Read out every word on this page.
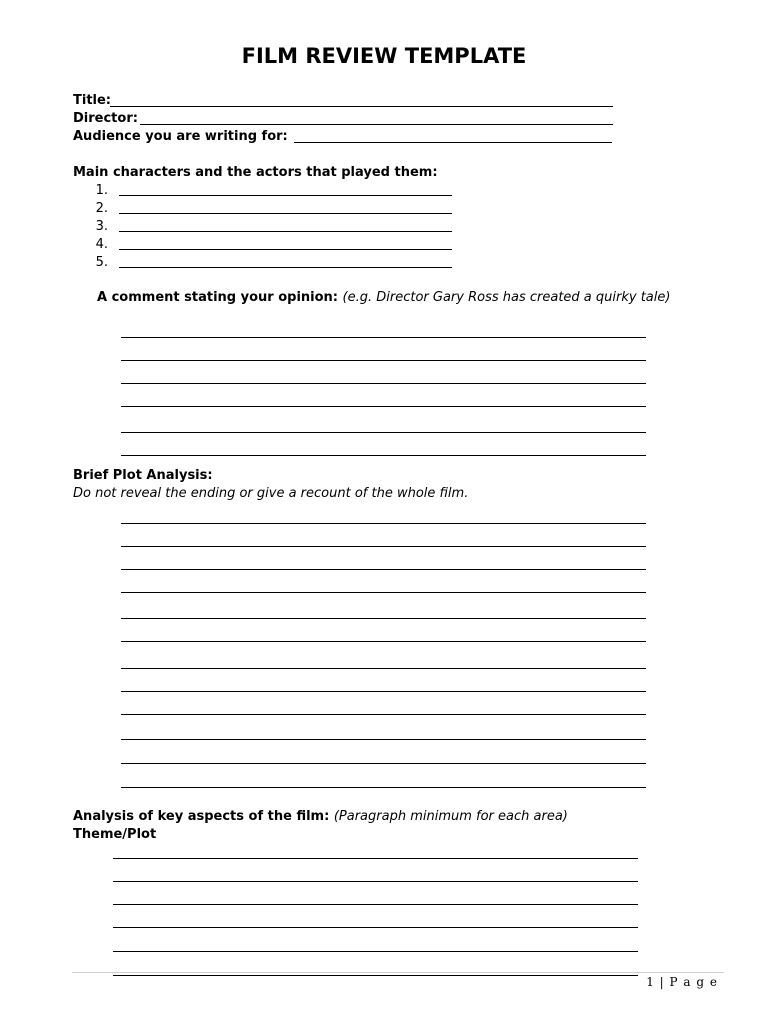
FILM REVIEW TEMPLATE
Title:
Director:
Audience you are writing for:
Main characters and the actors that played them:
1.
2.
3.
4.
5.
A comment stating your opinion: (e.g. Director Gary Ross has created a quirky tale)
Brief Plot Analysis:
Do not reveal the ending or give a recount of the whole film.
Analysis of key aspects of the film: (Paragraph minimum for each area)
Theme/Plot
1 | P a g e
